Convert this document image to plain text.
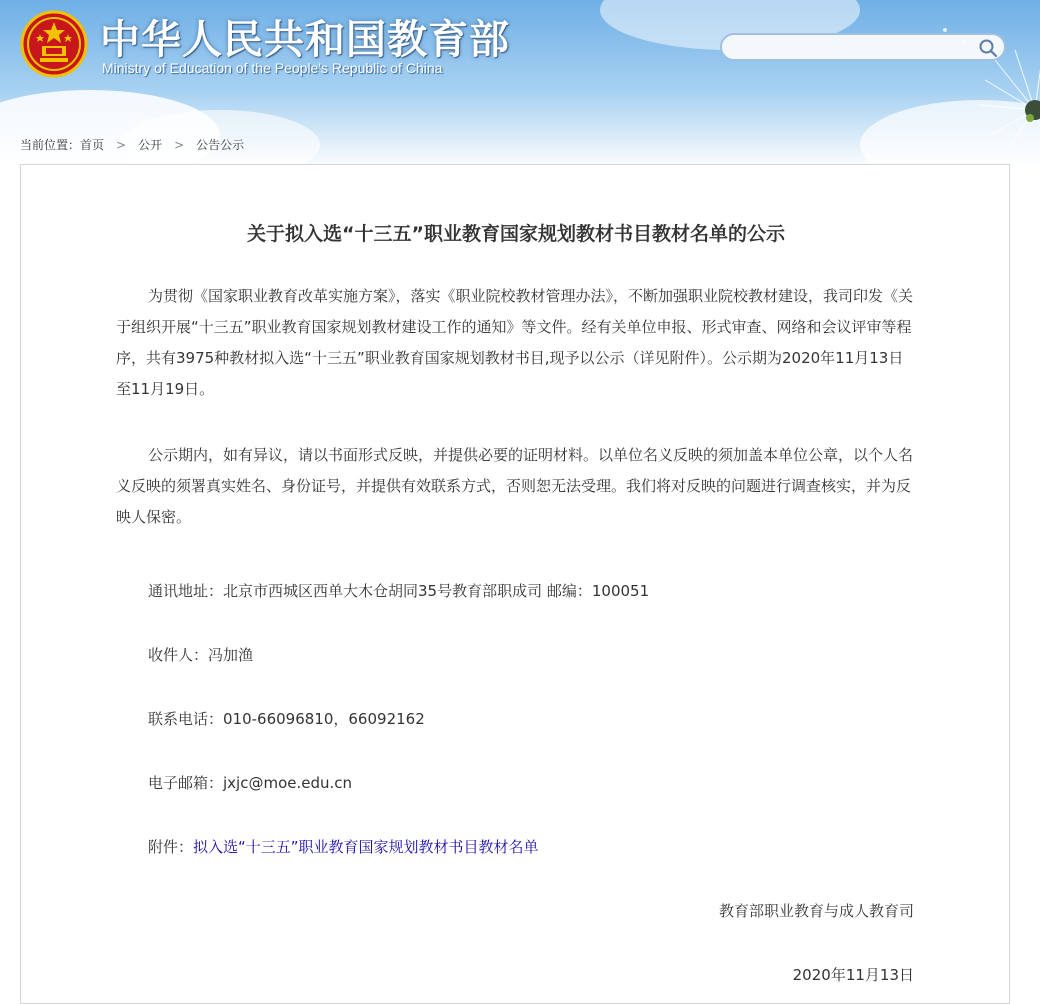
中华人民共和国教育部
Ministry of Education of the People's Republic of China
当前位置：首页 > 公开 > 公告公示
关于拟入选“十三五”职业教育国家规划教材书目教材名单的公示

为贯彻《国家职业教育改革实施方案》，落实《职业院校教材管理办法》，不断加强职业院校教材建设，我司印发《关于组织开展“十三五”职业教育国家规划教材建设工作的通知》等文件。经有关单位申报、形式审查、网络和会议评审等程序，共有3975种教材拟入选“十三五”职业教育国家规划教材书目,现予以公示（详见附件）。公示期为2020年11月13日至11月19日。

公示期内，如有异议，请以书面形式反映，并提供必要的证明材料。以单位名义反映的须加盖本单位公章，以个人名义反映的须署真实姓名、身份证号，并提供有效联系方式，否则恕无法受理。我们将对反映的问题进行调查核实，并为反映人保密。

通讯地址：北京市西城区西单大木仓胡同35号教育部职成司 邮编：100051
收件人：冯加渔
联系电话：010-66096810，66092162
电子邮箱：jxjc@moe.edu.cn
附件：拟入选“十三五”职业教育国家规划教材书目教材名单
教育部职业教育与成人教育司
2020年11月13日
